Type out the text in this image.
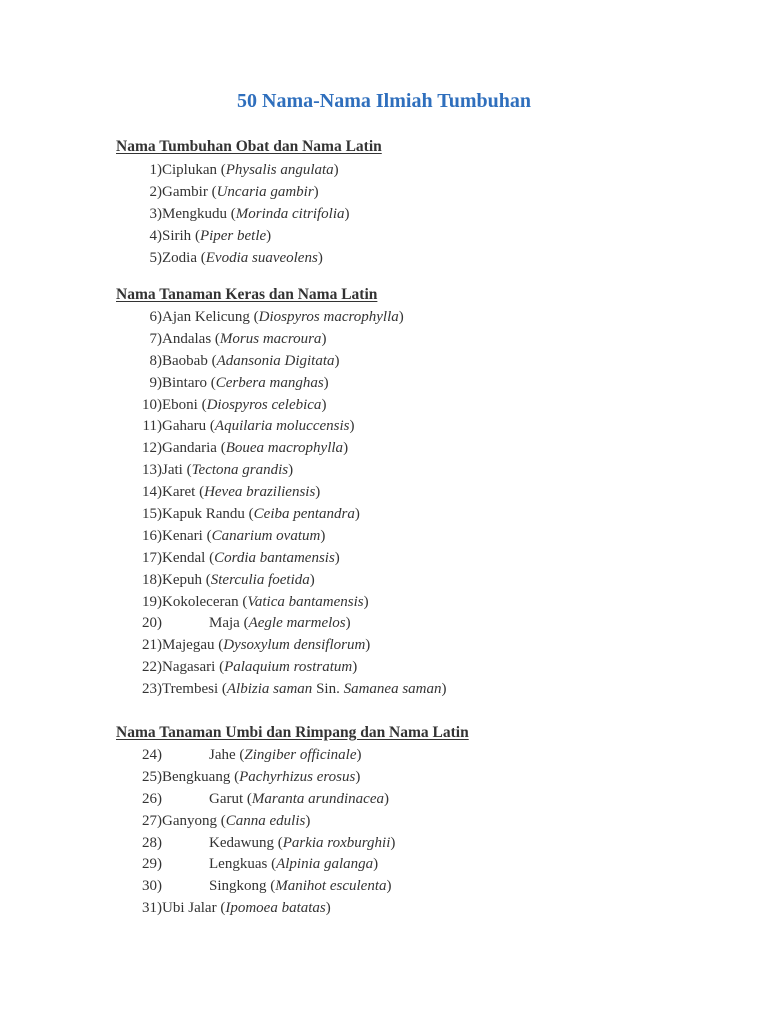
50 Nama-Nama Ilmiah Tumbuhan
Nama Tumbuhan Obat dan Nama Latin
1) Ciplukan (Physalis angulata)
2) Gambir (Uncaria gambir)
3) Mengkudu (Morinda citrifolia)
4) Sirih (Piper betle)
5) Zodia (Evodia suaveolens)
Nama Tanaman Keras dan Nama Latin
6) Ajan Kelicung (Diospyros macrophylla)
7) Andalas (Morus macroura)
8) Baobab (Adansonia Digitata)
9) Bintaro (Cerbera manghas)
10) Eboni (Diospyros celebica)
11) Gaharu (Aquilaria moluccensis)
12) Gandaria (Bouea macrophylla)
13) Jati (Tectona grandis)
14) Karet (Hevea braziliensis)
15) Kapuk Randu (Ceiba pentandra)
16) Kenari (Canarium ovatum)
17) Kendal (Cordia bantamensis)
18) Kepuh (Sterculia foetida)
19) Kokoleceran (Vatica bantamensis)
20)	Maja (Aegle marmelos)
21) Majegau (Dysoxylum densiflorum)
22) Nagasari (Palaquium rostratum)
23) Trembesi (Albizia saman Sin. Samanea saman)
Nama Tanaman Umbi dan Rimpang dan Nama Latin
24)	Jahe (Zingiber officinale)
25) Bengkuang (Pachyrhizus erosus)
26)	Garut (Maranta arundinacea)
27) Ganyong (Canna edulis)
28)	Kedawung (Parkia roxburghii)
29)	Lengkuas (Alpinia galanga)
30)	Singkong (Manihot esculenta)
31) Ubi Jalar (Ipomoea batatas)
